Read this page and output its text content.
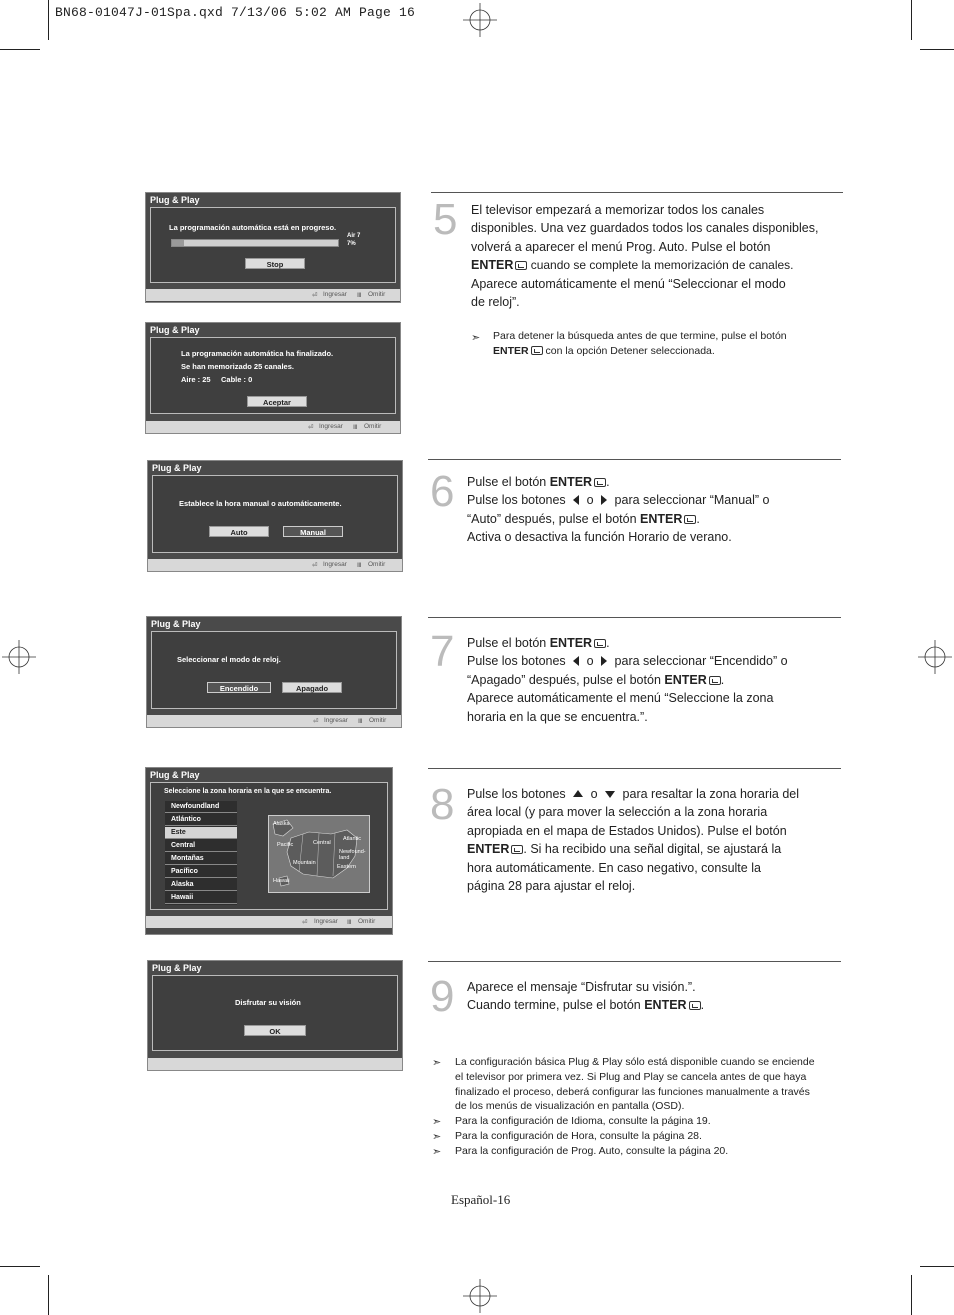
BN68-01047J-01Spa.qxd 7/13/06 5:02 AM Page 16
Plug & Play
La programación automática está en progreso.
Air 7
7%
Stop
⏎ Ingresar Ⅲ Omitir
Plug & Play
La programación automática ha finalizado.
Se han memorizado 25 canales.
Aire : 25     Cable : 0
Aceptar
⏎ Ingresar Ⅲ Omitir
Plug & Play
Establece la hora manual o automáticamente.
Auto	Manual
⏎ Ingresar Ⅲ Omitir
Plug & Play
Seleccionar el modo de reloj.
Encendido	Apagado
⏎ Ingresar Ⅲ Omitir
Plug & Play
Seleccione la zona horaria en la que se encuentra.
Newfoundland
Atlántico
Este
Central
Montañas
Pacífico
Alaska
Hawaii
Alaska
Pacific	Central
Atlantic
Newfound-land
Mountain
Eastern
Hawaii
⏎ Ingresar Ⅲ Omitir
Plug & Play
Disfrutar su visión
OK
5 El televisor empezará a memorizar todos los canales
disponibles. Una vez guardados todos los canales disponibles,
volverá a aparecer el menú Prog. Auto. Pulse el botón
ENTER cuando se complete la memorización de canales.
Aparece automáticamente el menú “Seleccionar el modo
de reloj”.
➣ Para detener la búsqueda antes de que termine, pulse el botón
ENTER con la opción Detener seleccionada.
6 Pulse el botón ENTER .
Pulse los botones  o  para seleccionar “Manual” o
“Auto” después, pulse el botón ENTER .
Activa o desactiva la función Horario de verano.
7 Pulse el botón ENTER .
Pulse los botones  o  para seleccionar “Encendido” o
“Apagado” después, pulse el botón ENTER .
Aparece automáticamente el menú “Seleccione la zona
horaria en la que se encuentra.”.
8 Pulse los botones  o  para resaltar la zona horaria del
área local (y para mover la selección a la zona horaria
apropiada en el mapa de Estados Unidos). Pulse el botón
ENTER . Si ha recibido una señal digital, se ajustará la
hora automáticamente. En caso negativo, consulte la
página 28 para ajustar el reloj.
9 Aparece el mensaje “Disfrutar su visión.”.
Cuando termine, pulse el botón ENTER .
➣
➣
➣
➣
La configuración básica Plug & Play sólo está disponible cuando se enciende
el televisor por primera vez. Si Plug and Play se cancela antes de que haya
finalizado el proceso, deberá configurar las funciones manualmente a través
de los menús de visualización en pantalla (OSD).
Para la configuración de Idioma, consulte la página 19.
Para la configuración de Hora, consulte la página 28.
Para la configuración de Prog. Auto, consulte la página 20.
Español-16
